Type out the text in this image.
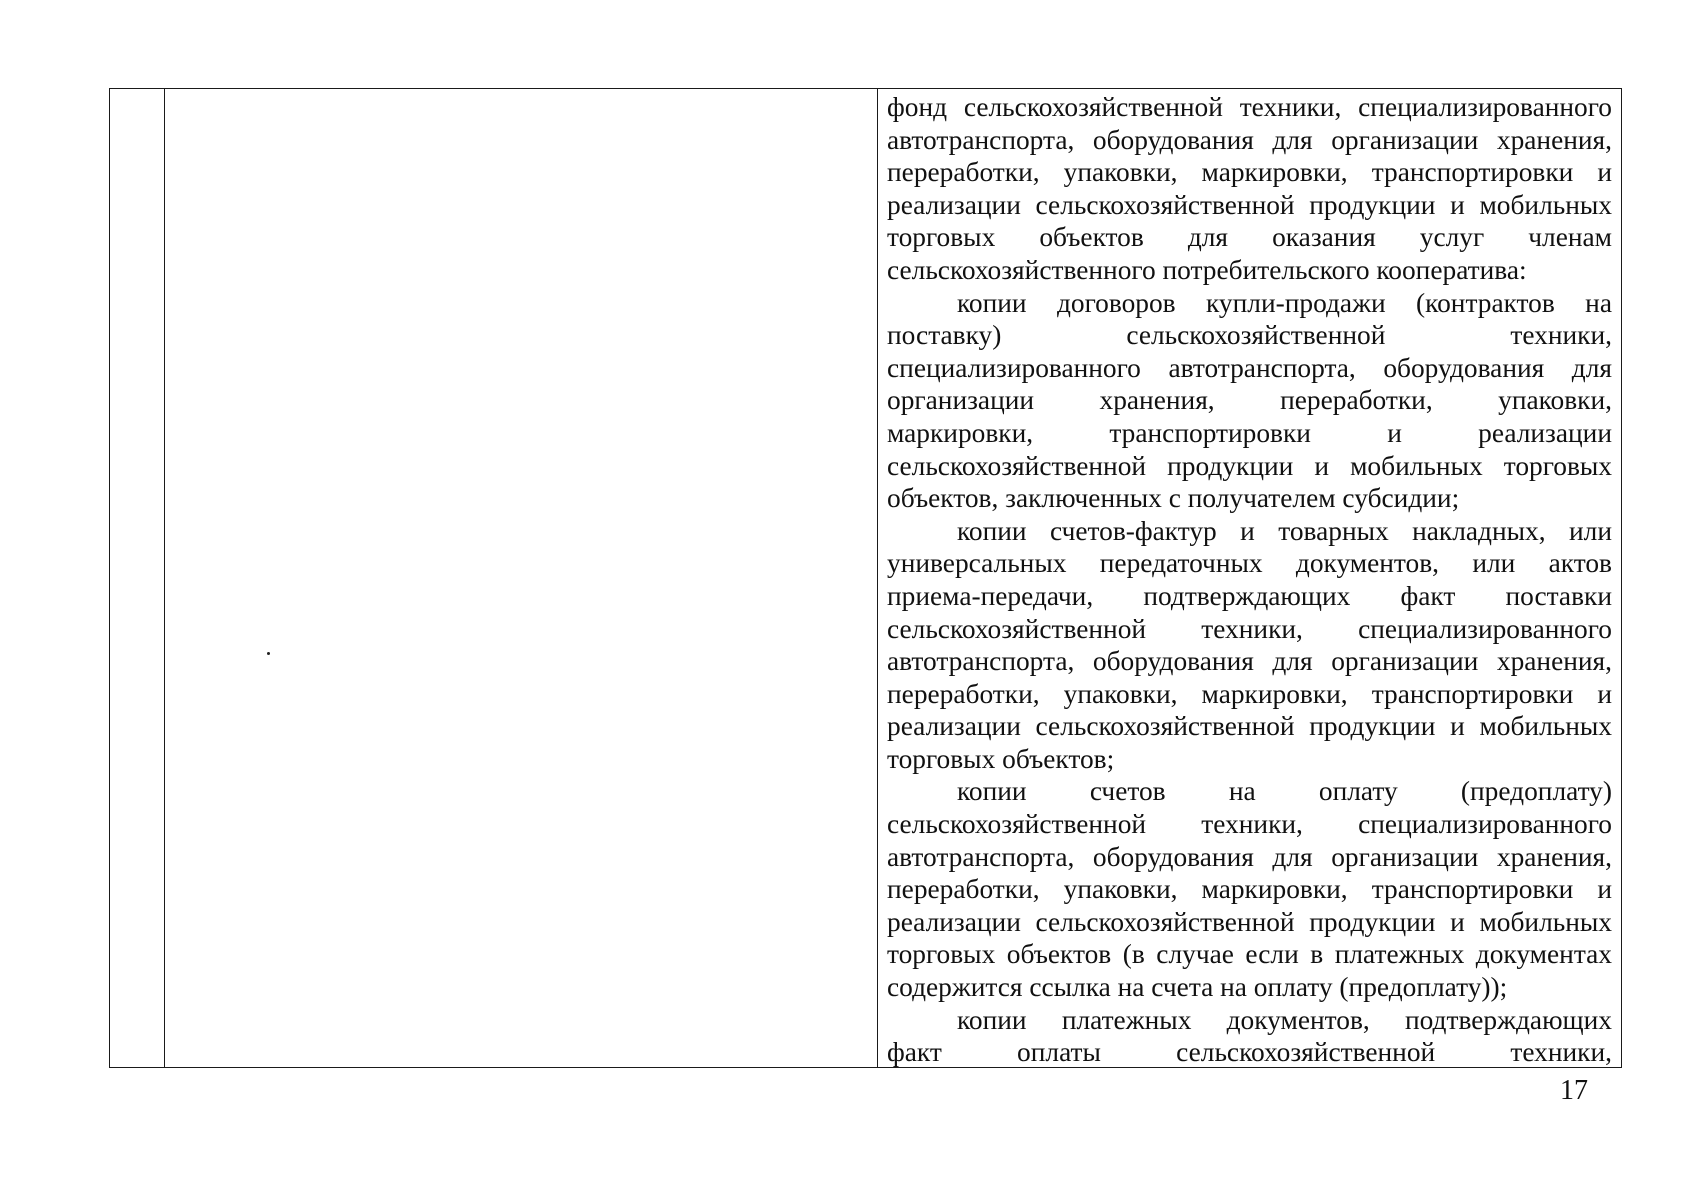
фонд сельскохозяйственной техники, специализированного
автотранспорта, оборудования для организации хранения,
переработки, упаковки, маркировки, транспортировки и
реализации сельскохозяйственной продукции и мобильных
торговых объектов для оказания услуг членам
сельскохозяйственного потребительского кооператива:
копии договоров купли-продажи (контрактов на
поставку) сельскохозяйственной техники,
специализированного автотранспорта, оборудования для
организации хранения, переработки, упаковки,
маркировки, транспортировки и реализации
сельскохозяйственной продукции и мобильных торговых
объектов, заключенных с получателем субсидии;
копии счетов-фактур и товарных накладных, или
универсальных передаточных документов, или актов
приема-передачи, подтверждающих факт поставки
сельскохозяйственной техники, специализированного
автотранспорта, оборудования для организации хранения,
переработки, упаковки, маркировки, транспортировки и
реализации сельскохозяйственной продукции и мобильных
торговых объектов;
копии счетов на оплату (предоплату)
сельскохозяйственной техники, специализированного
автотранспорта, оборудования для организации хранения,
переработки, упаковки, маркировки, транспортировки и
реализации сельскохозяйственной продукции и мобильных
торговых объектов (в случае если в платежных документах
содержится ссылка на счета на оплату (предоплату));
копии платежных документов, подтверждающих
факт оплаты сельскохозяйственной техники,
17
